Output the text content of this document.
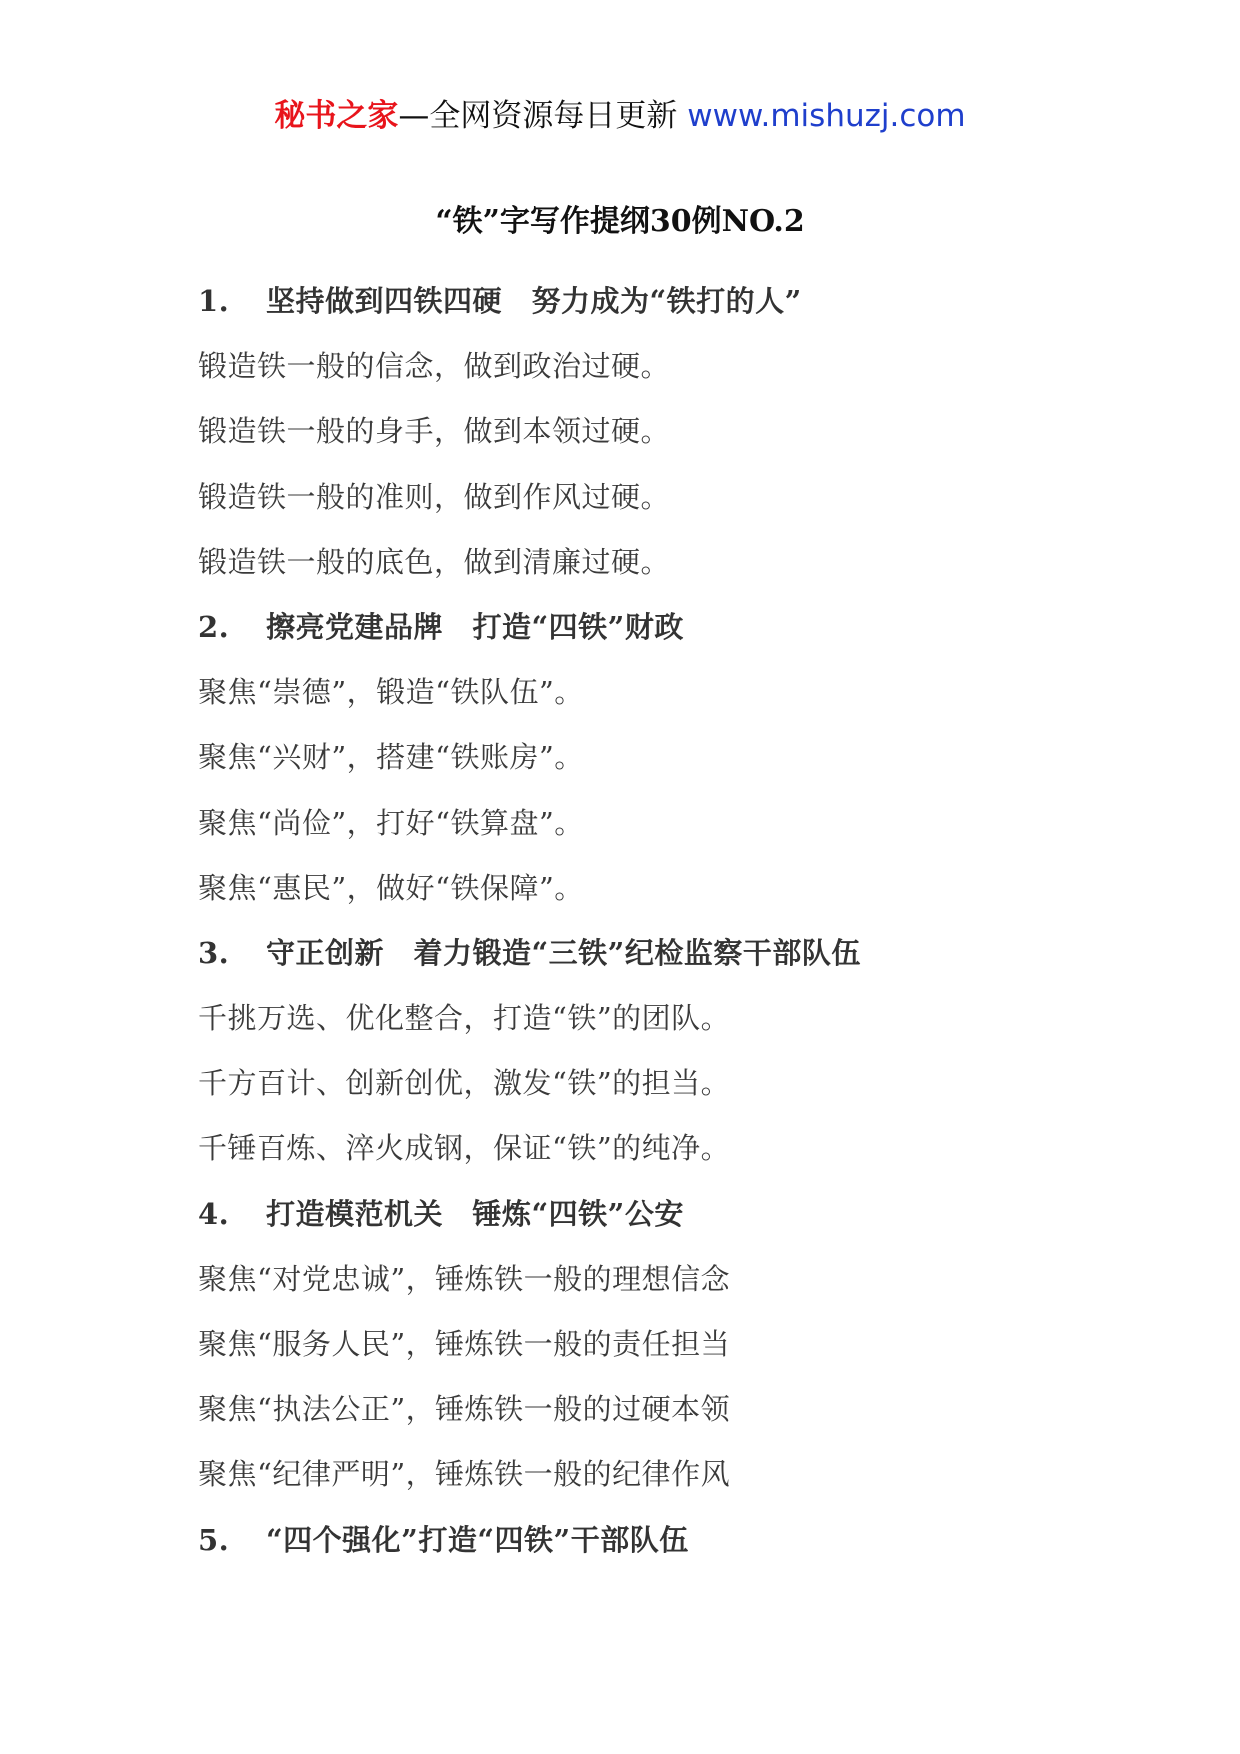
秘书之家—全网资源每日更新 www.mishuzj.com
“铁”字写作提纲30例NO.2
1. 坚持做到四铁四硬　努力成为“铁打的人”
锻造铁一般的信念，做到政治过硬。
锻造铁一般的身手，做到本领过硬。
锻造铁一般的准则，做到作风过硬。
锻造铁一般的底色，做到清廉过硬。
2. 擦亮党建品牌　打造“四铁”财政
聚焦“崇德”，锻造“铁队伍”。
聚焦“兴财”，搭建“铁账房”。
聚焦“尚俭”，打好“铁算盘”。
聚焦“惠民”，做好“铁保障”。
3. 守正创新　着力锻造“三铁”纪检监察干部队伍
千挑万选、优化整合，打造“铁”的团队。
千方百计、创新创优，激发“铁”的担当。
千锤百炼、淬火成钢，保证“铁”的纯净。
4. 打造模范机关　锤炼“四铁”公安
聚焦“对党忠诚”，锤炼铁一般的理想信念
聚焦“服务人民”，锤炼铁一般的责任担当
聚焦“执法公正”，锤炼铁一般的过硬本领
聚焦“纪律严明”，锤炼铁一般的纪律作风
5. “四个强化”打造“四铁”干部队伍
